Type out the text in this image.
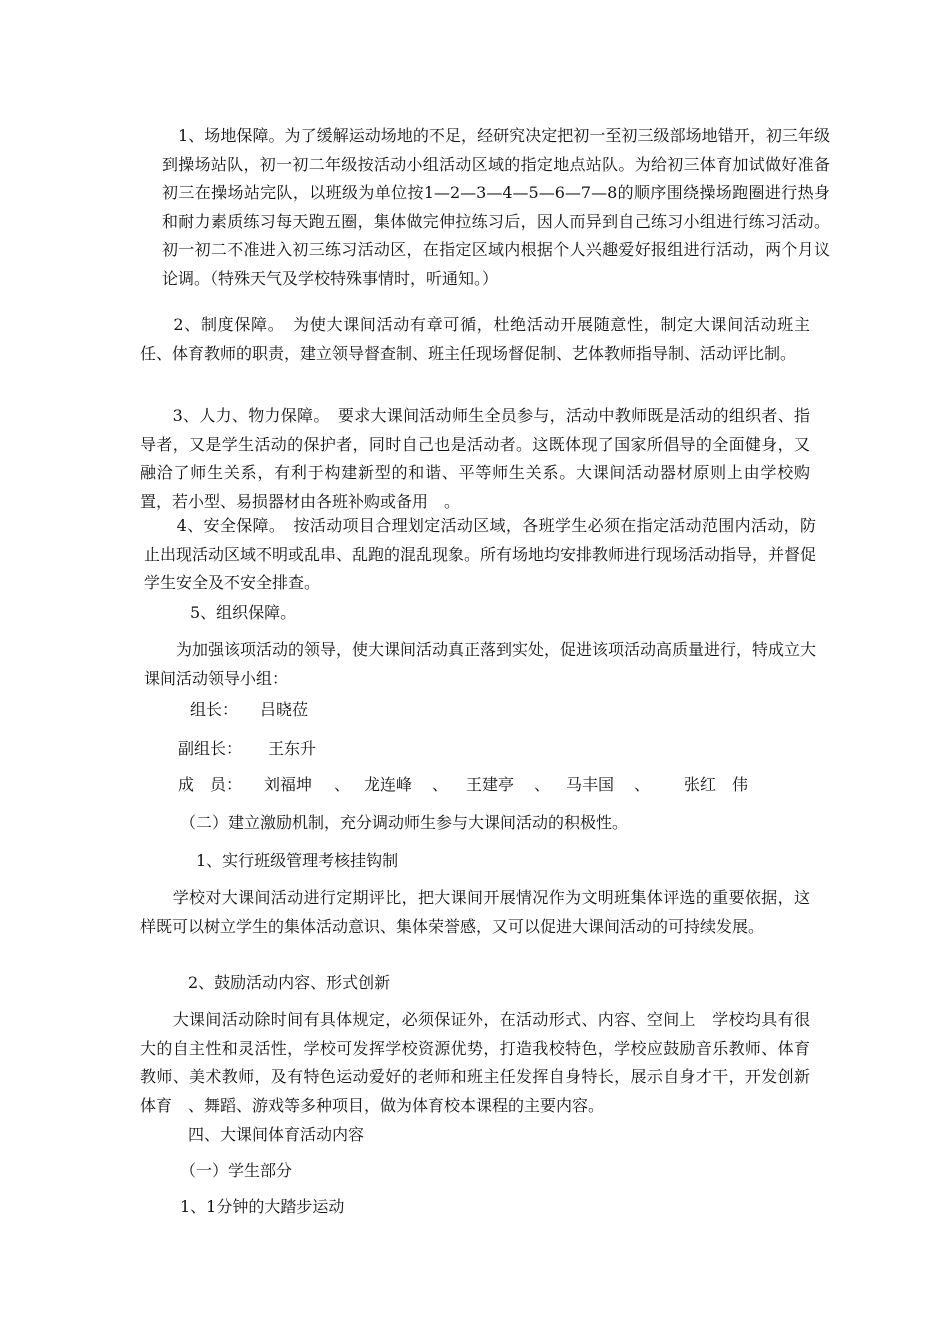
　1、场地保障。为了缓解运动场地的不足，经研究决定把初一至初三级部场地错开，初三年级到操场站队，初一初二年级按活动小组活动区域的指定地点站队。为给初三体育加试做好准备初三在操场站完队，以班级为单位按1—2—3—4—5—6—7—8的顺序围绕操场跑圈进行热身和耐力素质练习每天跑五圈，集体做完伸拉练习后，因人而异到自己练习小组进行练习活动。初一初二不准进入初三练习活动区，在指定区域内根据个人兴趣爱好报组进行活动，两个月议论调。（特殊天气及学校特殊事情时，听通知。）

　　2、制度保障。　为使大课间活动有章可循，杜绝活动开展随意性，制定大课间活动班主任、体育教师的职责，建立领导督查制、班主任现场督促制、艺体教师指导制、活动评比制。

　　3、人力、物力保障。　要求大课间活动师生全员参与，活动中教师既是活动的组织者、指导者，又是学生活动的保护者，同时自己也是活动者。这既体现了国家所倡导的全面健身，又融洽了师生关系，有利于构建新型的和谐、平等师生关系。大课间活动器材原则上由学校购置，若小型、易损器材由各班补购或备用　。

　　4、安全保障。　按活动项目合理划定活动区域，各班学生必须在指定活动范围内活动，防止出现活动区域不明或乱串、乱跑的混乱现象。所有场地均安排教师进行现场活动指导，并督促学生安全及不安全排查。

5、组织保障。

　　为加强该项活动的领导，使大课间活动真正落到实处，促进该项活动高质量进行，特成立大课间活动领导小组：

组长： 吕晓莅

副组长： 王东升

成　员： 刘福坤 、 龙连峰 、 王建亭 、 马丰国 、 张红　伟

（二）建立激励机制，充分调动师生参与大课间活动的积极性。

1、实行班级管理考核挂钩制

　　学校对大课间活动进行定期评比，把大课间开展情况作为文明班集体评选的重要依据，这样既可以树立学生的集体活动意识、集体荣誉感，又可以促进大课间活动的可持续发展。

2、鼓励活动内容、形式创新

　　大课间活动除时间有具体规定，必须保证外，在活动形式、内容、空间上　学校均具有很大的自主性和灵活性，学校可发挥学校资源优势，打造我校特色，学校应鼓励音乐教师、体育教师、美术教师，及有特色运动爱好的老师和班主任发挥自身特长，展示自身才干，开发创新体育　、舞蹈、游戏等多种项目，做为体育校本课程的主要内容。

四、大课间体育活动内容

（一）学生部分

1、1分钟的大踏步运动
